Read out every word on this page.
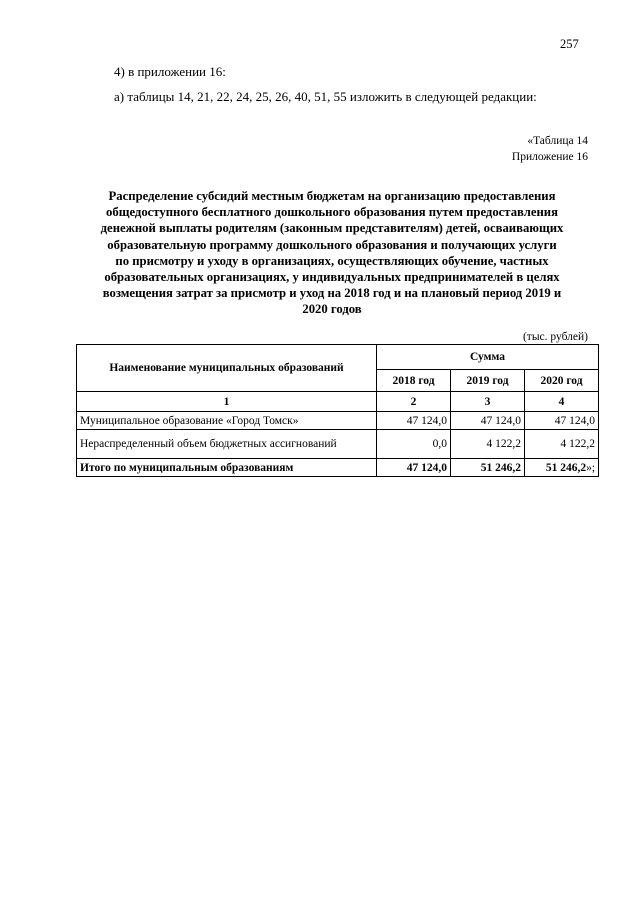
257
4) в приложении 16:
а) таблицы 14, 21, 22, 24, 25, 26, 40, 51, 55 изложить в следующей редакции:
«Таблица 14
Приложение 16
Распределение субсидий местным бюджетам на организацию предоставления
общедоступного бесплатного дошкольного образования путем предоставления
денежной выплаты родителям (законным представителям) детей, осваивающих
образовательную программу дошкольного образования и получающих услуги
по присмотру и уходу в организациях, осуществляющих обучение, частных
образовательных организациях, у индивидуальных предпринимателей в целях
возмещения затрат за присмотр и уход на 2018 год и на плановый период 2019 и
2020 годов
(тыс. рублей)
Наименование муниципальных образований	Сумма		
	2018 год	2019 год	2020 год
1	2	3	4
Муниципальное образование «Город Томск»	47 124,0	47 124,0	47 124,0
Нераспределенный объем бюджетных ассигнований	0,0	4 122,2	4 122,2
Итого по муниципальным образованиям	47 124,0	51 246,2	51 246,2»;
